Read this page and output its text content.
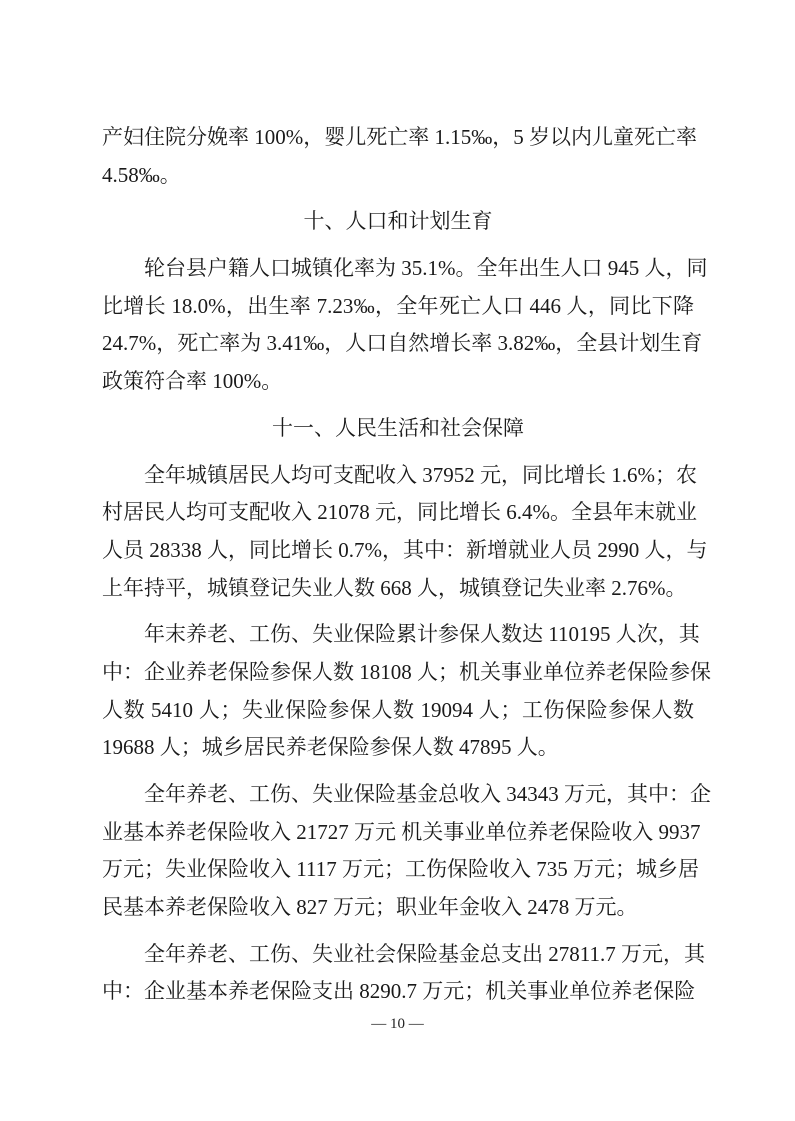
产妇住院分娩率 100%，婴儿死亡率 1.15‰，5 岁以内儿童死亡率
4.58‰。
十、人口和计划生育
轮台县户籍人口城镇化率为 35.1%。全年出生人口 945 人，同
比增长 18.0%，出生率 7.23‰，全年死亡人口 446 人，同比下降
24.7%，死亡率为 3.41‰，人口自然增长率 3.82‰，全县计划生育
政策符合率 100%。
十一、人民生活和社会保障
全年城镇居民人均可支配收入 37952 元，同比增长 1.6%；农
村居民人均可支配收入 21078 元，同比增长 6.4%。全县年末就业
人员 28338 人，同比增长 0.7%，其中：新增就业人员 2990 人，与
上年持平，城镇登记失业人数 668 人，城镇登记失业率 2.76%。
年末养老、工伤、失业保险累计参保人数达 110195 人次，其
中：企业养老保险参保人数 18108 人；机关事业单位养老保险参保
人数 5410 人；失业保险参保人数 19094 人；工伤保险参保人数
19688 人；城乡居民养老保险参保人数 47895 人。
全年养老、工伤、失业保险基金总收入 34343 万元，其中：企
业基本养老保险收入 21727 万元 机关事业单位养老保险收入 9937
万元；失业保险收入 1117 万元；工伤保险收入 735 万元；城乡居
民基本养老保险收入 827 万元；职业年金收入 2478 万元。
全年养老、工伤、失业社会保险基金总支出 27811.7 万元，其
中：企业基本养老保险支出 8290.7 万元；机关事业单位养老保险
— 10 —
